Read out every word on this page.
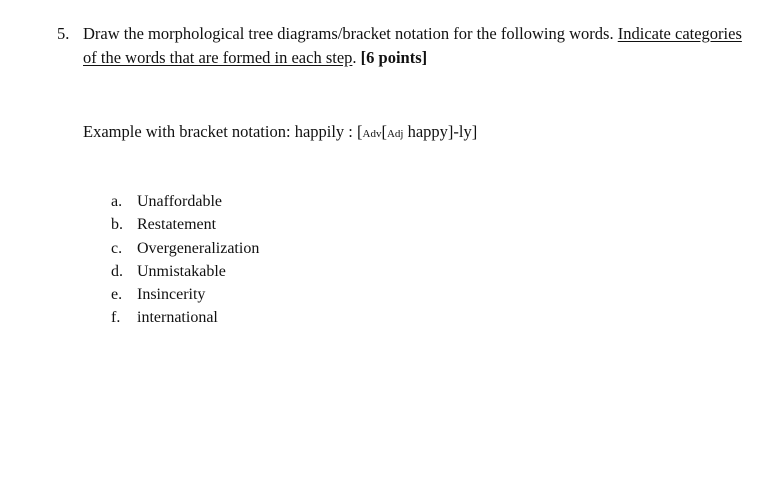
5. Draw the morphological tree diagrams/bracket notation for the following words. Indicate categories of the words that are formed in each step. [6 points]
Example with bracket notation: happily : [Adv[Adj happy]-ly]
a. Unaffordable
b. Restatement
c. Overgeneralization
d. Unmistakable
e. Insincerity
f. international
